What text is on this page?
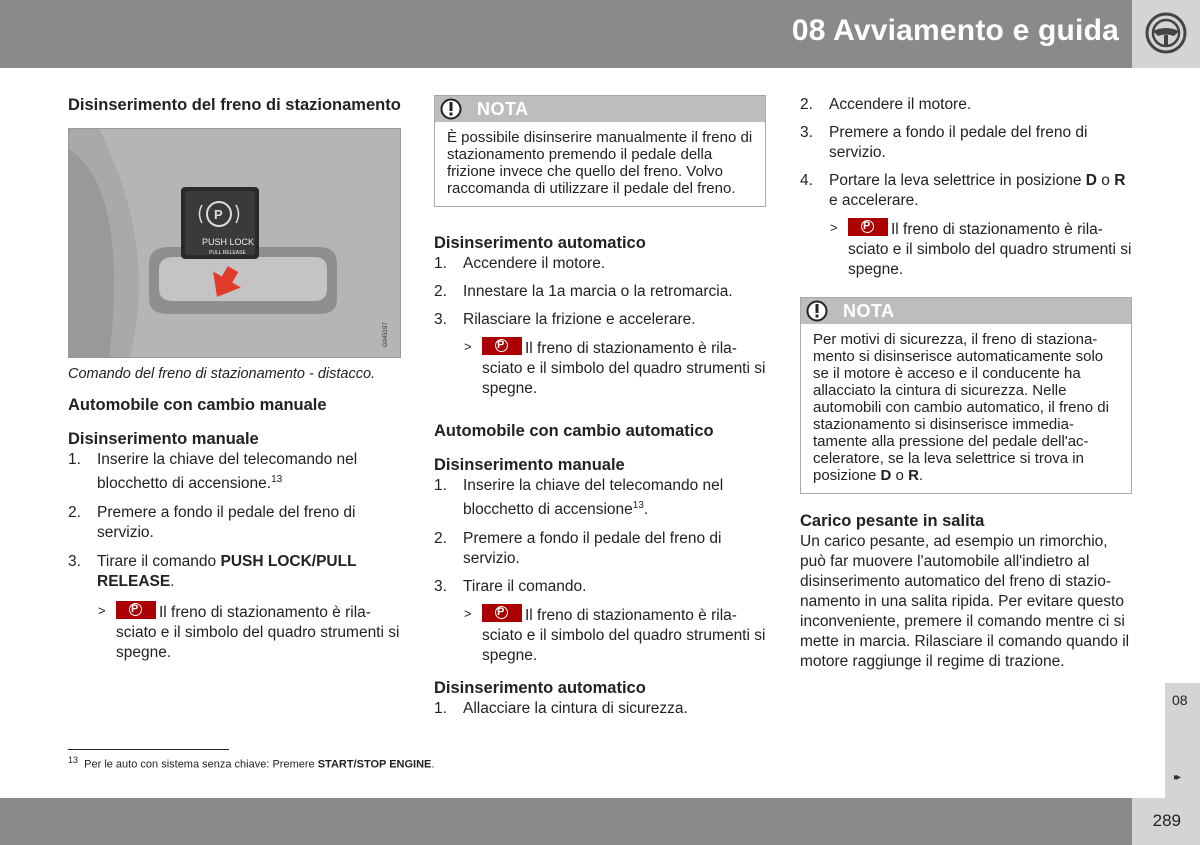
08 Avviamento e guida
Disinserimento del freno di stazionamento
P
PUSH LOCK
PULL RELEASE
G045197

Comando del freno di stazionamento - distacco.

Automobile con cambio manuale
Disinserimento manuale
1. Inserire la chiave del telecomando nel blocchetto di accensione.$^{13}$
2. Premere a fondo il pedale del freno di servizio.
3. Tirare il comando PUSH LOCK/PULL RELEASE.
> P	Il freno di stazionamento è rilasciato e il simbolo del quadro strumenti si spegne.
NOTA
È possibile disinserire manualmente il freno di stazionamento premendo il pedale della frizione invece che quello del freno. Volvo raccomanda di utilizzare il pedale del freno.
Disinserimento automatico
1. Accendere il motore.
2. Innestare la 1a marcia o la retromarcia.
3. Rilasciare la frizione e accelerare.
> P	Il freno di stazionamento è rilasciato e il simbolo del quadro strumenti si spegne.
Automobile con cambio automatico
Disinserimento manuale
1. Inserire la chiave del telecomando nel blocchetto di accensione$^{13}$.
2. Premere a fondo il pedale del freno di servizio.
3. Tirare il comando.
> P	Il freno di stazionamento è rilasciato e il simbolo del quadro strumenti si spegne.
Disinserimento automatico
1. Allacciare la cintura di sicurezza.
2. Accendere il motore.
3. Premere a fondo il pedale del freno di servizio.
4. Portare la leva selettrice in posizione D o R e accelerare.
> P	Il freno di stazionamento è rilasciato e il simbolo del quadro strumenti si spegne.
NOTA
Per motivi di sicurezza, il freno di stazionamento si disinserisce automaticamente solo se il motore è acceso e il conducente ha allacciato la cintura di sicurezza. Nelle automobili con cambio automatico, il freno di stazionamento si disinserisce immediatamente alla pressione del pedale dell'acceleratore, se la leva selettrice si trova in posizione D o R.
Carico pesante in salita

Un carico pesante, ad esempio un rimorchio, può far muovere l'automobile all'indietro al disinserimento automatico del freno di stazionamento in una salita ripida. Per evitare questo inconveniente, premere il comando mentre ci si mette in marcia. Rilasciare il comando quando il motore raggiunge il regime di trazione.

$^{13}$ Per le auto con sistema senza chiave: Premere START/STOP ENGINE.
08
▸▸
289
